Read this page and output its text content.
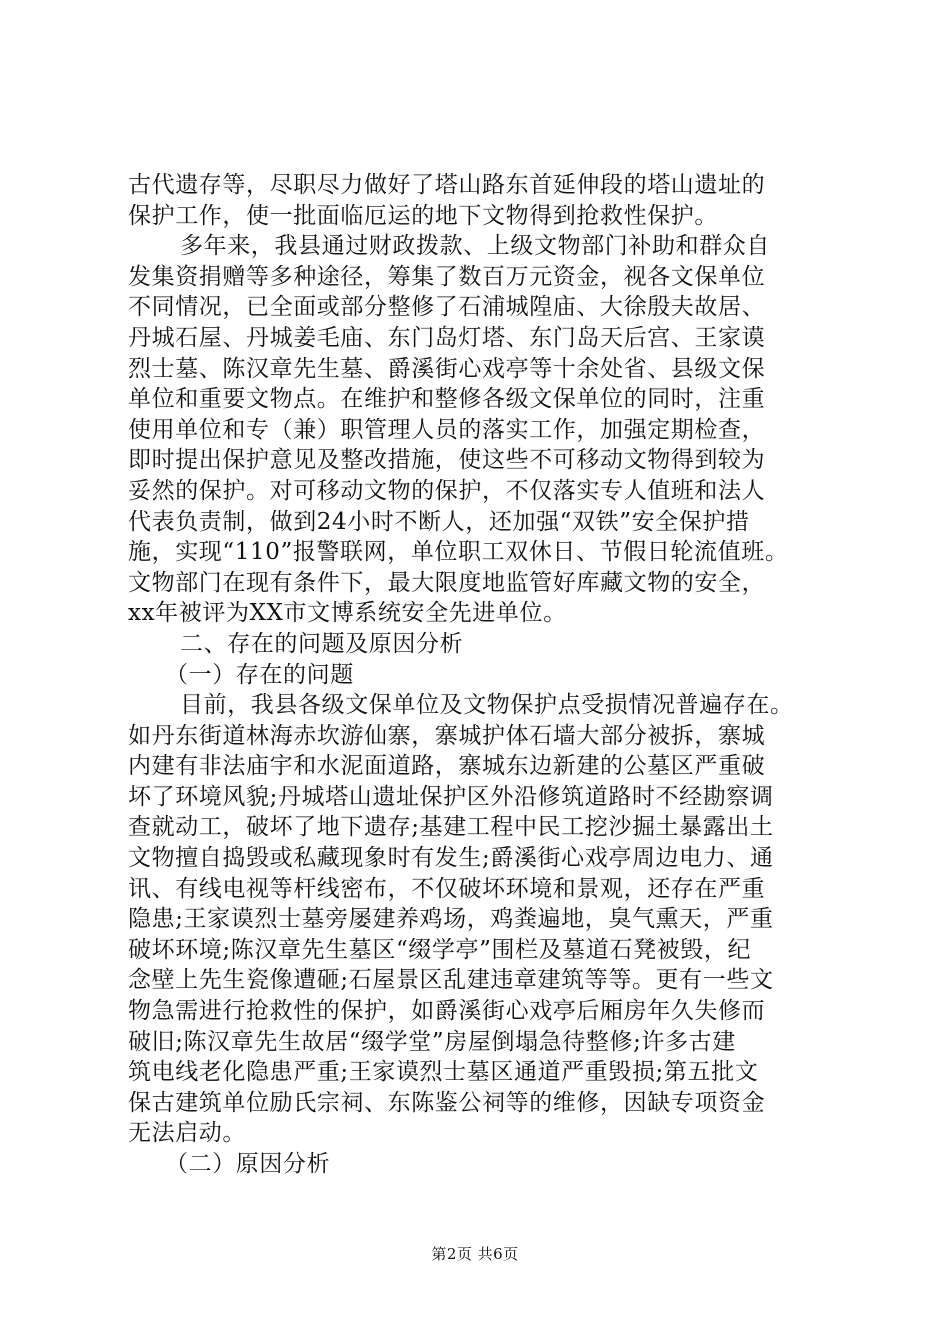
古代遗存等，尽职尽力做好了塔山路东首延伸段的塔山遗址的
保护工作，使一批面临厄运的地下文物得到抢救性保护。
多年来，我县通过财政拨款、上级文物部门补助和群众自
发集资捐赠等多种途径，筹集了数百万元资金，视各文保单位
不同情况，已全面或部分整修了石浦城隍庙、大徐殷夫故居、
丹城石屋、丹城姜毛庙、东门岛灯塔、东门岛天后宫、王家谟
烈士墓、陈汉章先生墓、爵溪街心戏亭等十余处省、县级文保
单位和重要文物点。在维护和整修各级文保单位的同时，注重
使用单位和专（兼）职管理人员的落实工作，加强定期检查，
即时提出保护意见及整改措施，使这些不可移动文物得到较为
妥然的保护。对可移动文物的保护，不仅落实专人值班和法人
代表负责制，做到24小时不断人，还加强“双铁”安全保护措
施，实现“110”报警联网，单位职工双休日、节假日轮流值班。
文物部门在现有条件下，最大限度地监管好库藏文物的安全，
xx年被评为XX市文博系统安全先进单位。
二、存在的问题及原因分析
（一）存在的问题
目前，我县各级文保单位及文物保护点受损情况普遍存在。
如丹东街道林海赤坎游仙寨，寨城护体石墙大部分被拆，寨城
内建有非法庙宇和水泥面道路，寨城东边新建的公墓区严重破
坏了环境风貌;丹城塔山遗址保护区外沿修筑道路时不经勘察调
查就动工，破坏了地下遗存;基建工程中民工挖沙掘土暴露出土
文物擅自捣毁或私藏现象时有发生;爵溪街心戏亭周边电力、通
讯、有线电视等杆线密布，不仅破坏环境和景观，还存在严重
隐患;王家谟烈士墓旁屡建养鸡场，鸡粪遍地，臭气熏天，严重
破坏环境;陈汉章先生墓区“缀学亭”围栏及墓道石凳被毁，纪
念壁上先生瓷像遭砸;石屋景区乱建违章建筑等等。更有一些文
物急需进行抢救性的保护，如爵溪街心戏亭后厢房年久失修而
破旧;陈汉章先生故居“缀学堂”房屋倒塌急待整修;许多古建
筑电线老化隐患严重;王家谟烈士墓区通道严重毁损;第五批文
保古建筑单位励氏宗祠、东陈鉴公祠等的维修，因缺专项资金
无法启动。
（二）原因分析
第2页 共6页
